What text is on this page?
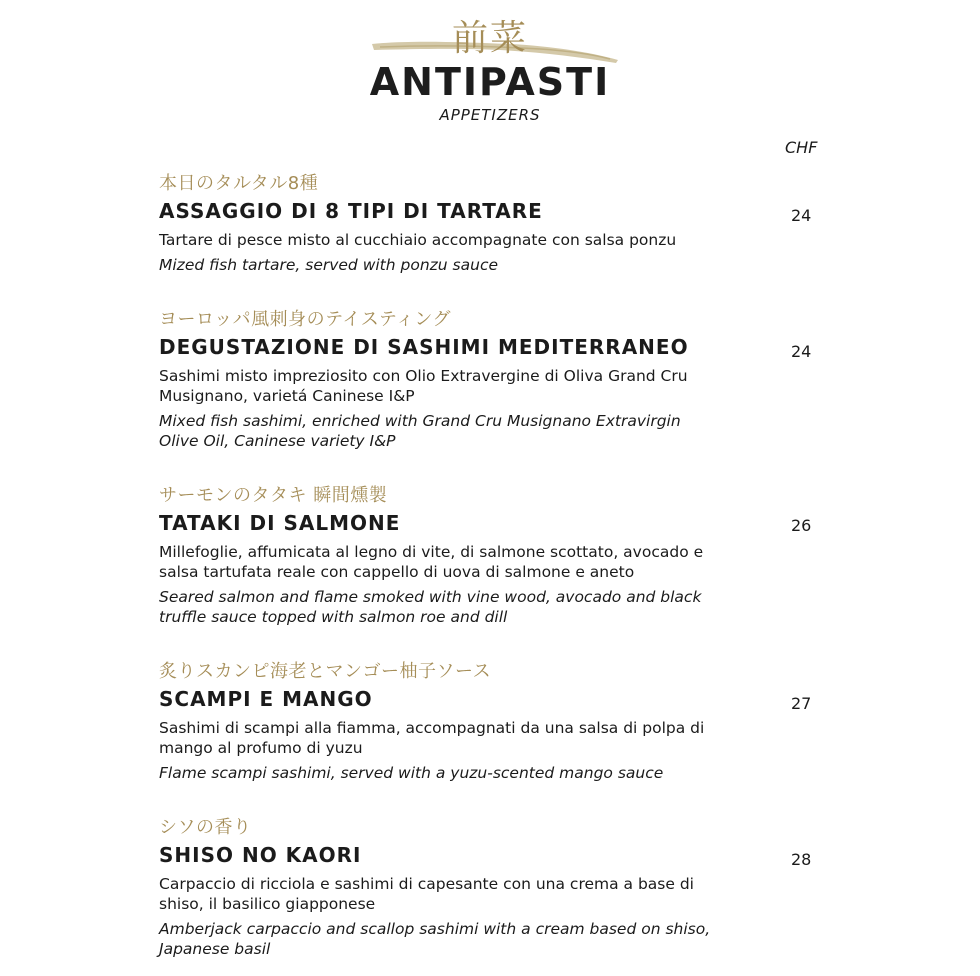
前菜
ANTIPASTI
APPETIZERS
CHF
本日のタルタル8種
ASSAGGIO DI 8 TIPI DI TARTARE
Tartare di pesce misto al cucchiaio accompagnate con salsa ponzu
Mized fish tartare, served with ponzu sauce
24
ヨーロッパ風刺身のテイスティング
DEGUSTAZIONE DI SASHIMI MEDITERRANEO
Sashimi misto impreziosito con Olio Extravergine di Oliva Grand Cru Musignano, varietá Caninese I&P
Mixed fish sashimi, enriched with Grand Cru Musignano Extravirgin Olive Oil, Caninese variety I&P
24
サーモンのタタキ 瞬間燻製
TATAKI DI SALMONE
Millefoglie, affumicata al legno di vite, di salmone scottato, avocado e salsa tartufata reale con cappello di uova di salmone e aneto
Seared salmon and flame smoked with vine wood, avocado and black truffle sauce topped with salmon roe and dill
26
炙りスカンピ海老とマンゴー柚子ソース
SCAMPI E MANGO
Sashimi di scampi alla fiamma, accompagnati da una salsa di polpa di mango al profumo di yuzu
Flame scampi sashimi, served with a yuzu-scented mango sauce
27
シソの香り
SHISO NO KAORI
Carpaccio di ricciola e sashimi di capesante con una crema a base di shiso, il basilico giapponese
Amberjack carpaccio and scallop sashimi with a cream based on shiso, Japanese basil
28
